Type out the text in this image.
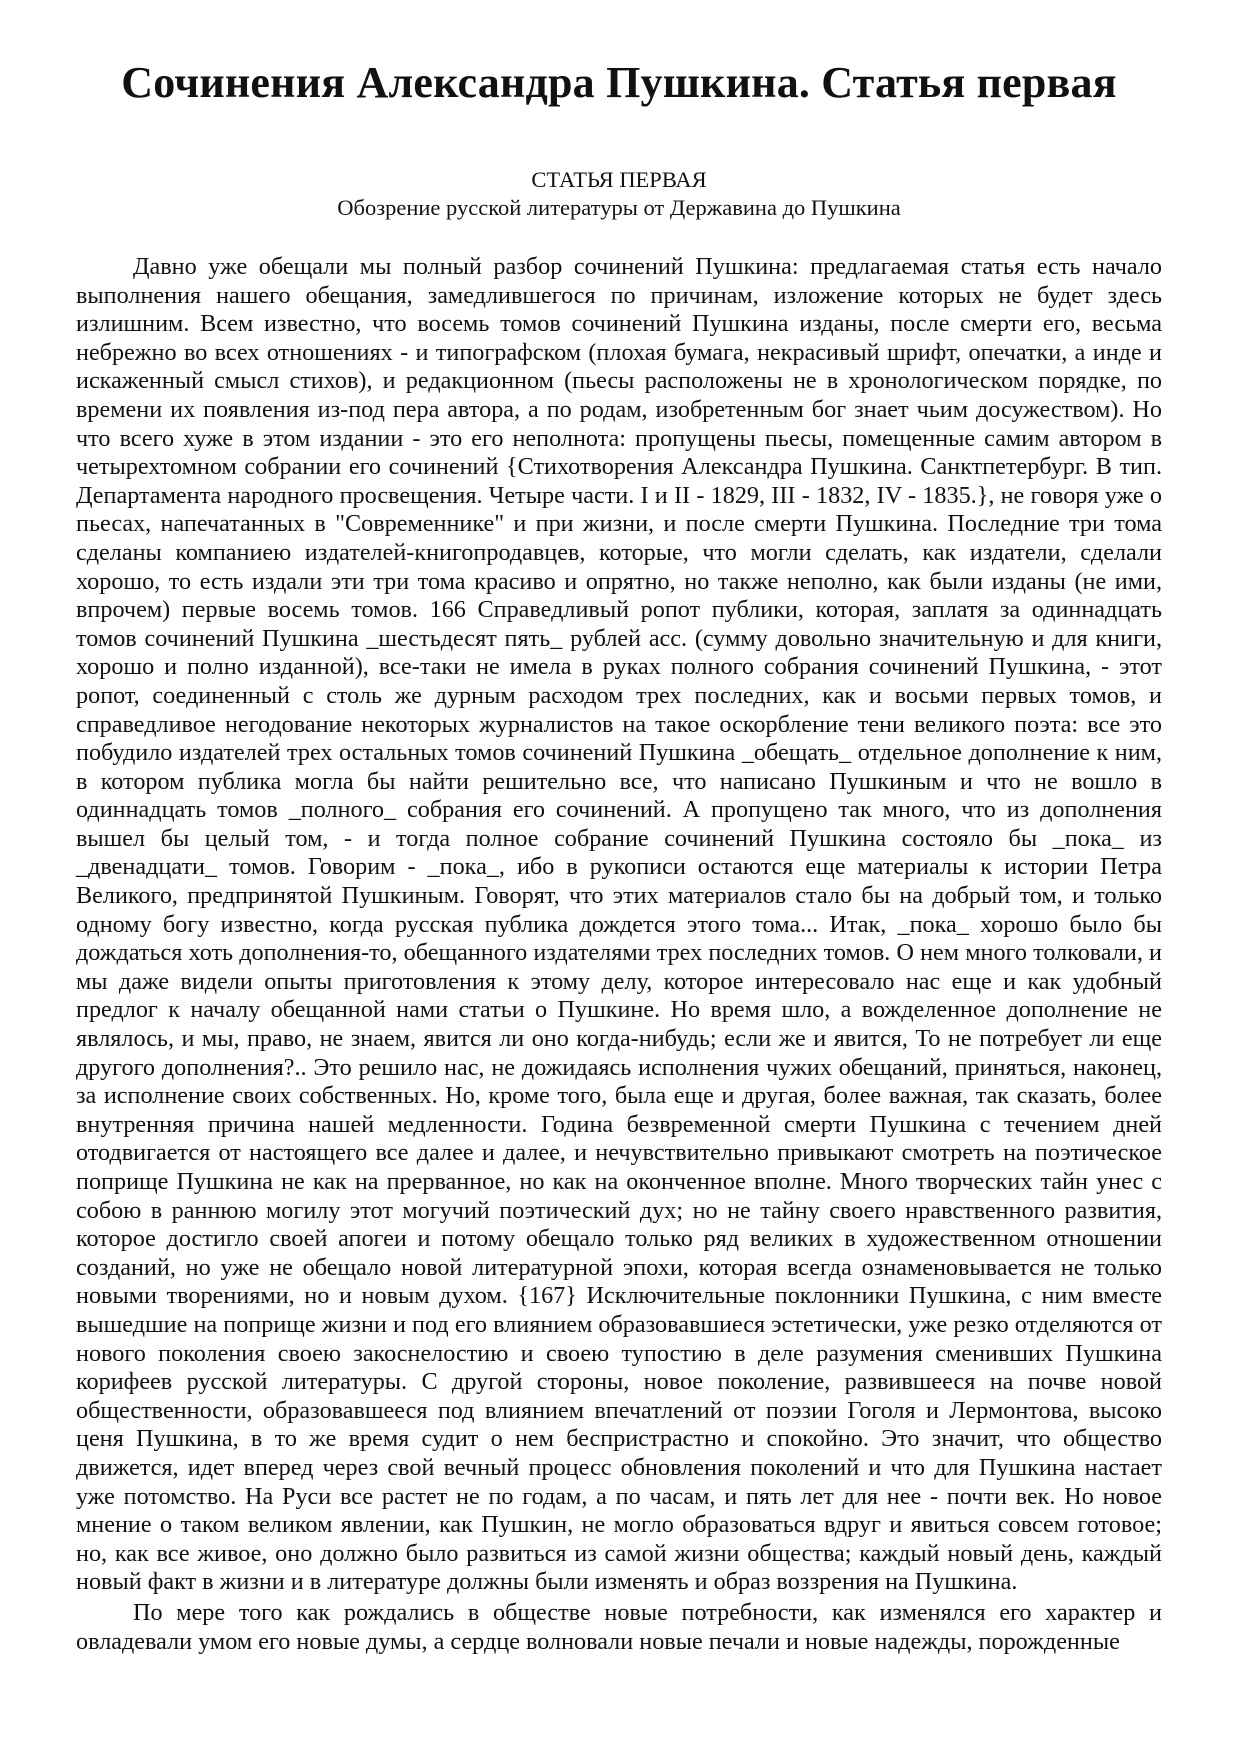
Сочинения Александра Пушкина. Статья первая
СТАТЬЯ ПЕРВАЯ
Обозрение русской литературы от Державина до Пушкина

Давно уже обещали мы полный разбор сочинений Пушкина: предлагаемая статья есть начало выполнения нашего обещания, замедлившегося по причинам, изложение которых не будет здесь излишним. Всем известно, что восемь томов сочинений Пушкина изданы, после смерти его, весьма небрежно во всех отношениях - и типографском (плохая бумага, некрасивый шрифт, опечатки, а инде и искаженный смысл стихов), и редакционном (пьесы расположены не в хронологическом порядке, по времени их появления из-под пера автора, а по родам, изобретенным бог знает чьим досужеством). Но что всего хуже в этом издании - это его неполнота: пропущены пьесы, помещенные самим автором в четырехтомном собрании его сочинений {Стихотворения Александра Пушкина. Санктпетербург. В тип. Департамента народного просвещения. Четыре части. I и II - 1829, III - 1832, IV - 1835.}, не говоря уже о пьесах, напечатанных в "Современнике" и при жизни, и после смерти Пушкина. Последние три тома сделаны компаниею издателей-книгопродавцев, которые, что могли сделать, как издатели, сделали хорошо, то есть издали эти три тома красиво и опрятно, но также неполно, как были изданы (не ими, впрочем) первые восемь томов. 166 Справедливый ропот публики, которая, заплатя за одиннадцать томов сочинений Пушкина _шестьдесят пять_ рублей асс. (сумму довольно значительную и для книги, хорошо и полно изданной), все-таки не имела в руках полного собрания сочинений Пушкина, - этот ропот, соединенный с столь же дурным расходом трех последних, как и восьми первых томов, и справедливое негодование некоторых журналистов на такое оскорбление тени великого поэта: все это побудило издателей трех остальных томов сочинений Пушкина _обещать_ отдельное дополнение к ним, в котором публика могла бы найти решительно все, что написано Пушкиным и что не вошло в одиннадцать томов _полного_ собрания его сочинений. А пропущено так много, что из дополнения вышел бы целый том, - и тогда полное собрание сочинений Пушкина состояло бы _пока_ из _двенадцати_ томов. Говорим - _пока_, ибо в рукописи остаются еще материалы к истории Петра Великого, предпринятой Пушкиным. Говорят, что этих материалов стало бы на добрый том, и только одному богу известно, когда русская публика дождется этого тома... Итак, _пока_ хорошо было бы дождаться хоть дополнения-то, обещанного издателями трех последних томов. О нем много толковали, и мы даже видели опыты приготовления к этому делу, которое интересовало нас еще и как удобный предлог к началу обещанной нами статьи о Пушкине. Но время шло, а вожделенное дополнение не являлось, и мы, право, не знаем, явится ли оно когда-нибудь; если же и явится, То не потребует ли еще другого дополнения?.. Это решило нас, не дожидаясь исполнения чужих обещаний, приняться, наконец, за исполнение своих собственных. Но, кроме того, была еще и другая, более важная, так сказать, более внутренняя причина нашей медленности. Година безвременной смерти Пушкина с течением дней отодвигается от настоящего все далее и далее, и нечувствительно привыкают смотреть на поэтическое поприще Пушкина не как на прерванное, но как на оконченное вполне. Много творческих тайн унес с собою в раннюю могилу этот могучий поэтический дух; но не тайну своего нравственного развития, которое достигло своей апогеи и потому обещало только ряд великих в художественном отношении созданий, но уже не обещало новой литературной эпохи, которая всегда ознаменовывается не только новыми творениями, но и новым духом. {167} Исключительные поклонники Пушкина, с ним вместе вышедшие на поприще жизни и под его влиянием образовавшиеся эстетически, уже резко отделяются от нового поколения своею закоснелостию и своею тупостию в деле разумения сменивших Пушкина корифеев русской литературы. С другой стороны, новое поколение, развившееся на почве новой общественности, образовавшееся под влиянием впечатлений от поэзии Гоголя и Лермонтова, высоко ценя Пушкина, в то же время судит о нем беспристрастно и спокойно. Это значит, что общество движется, идет вперед через свой вечный процесс обновления поколений и что для Пушкина настает уже потомство. На Руси все растет не по годам, а по часам, и пять лет для нее - почти век. Но новое мнение о таком великом явлении, как Пушкин, не могло образоваться вдруг и явиться совсем готовое; но, как все живое, оно должно было развиться из самой жизни общества; каждый новый день, каждый новый факт в жизни и в литературе должны были изменять и образ воззрения на Пушкина.

По мере того как рождались в обществе новые потребности, как изменялся его характер и овладевали умом его новые думы, а сердце волновали новые печали и новые надежды, порожденные
